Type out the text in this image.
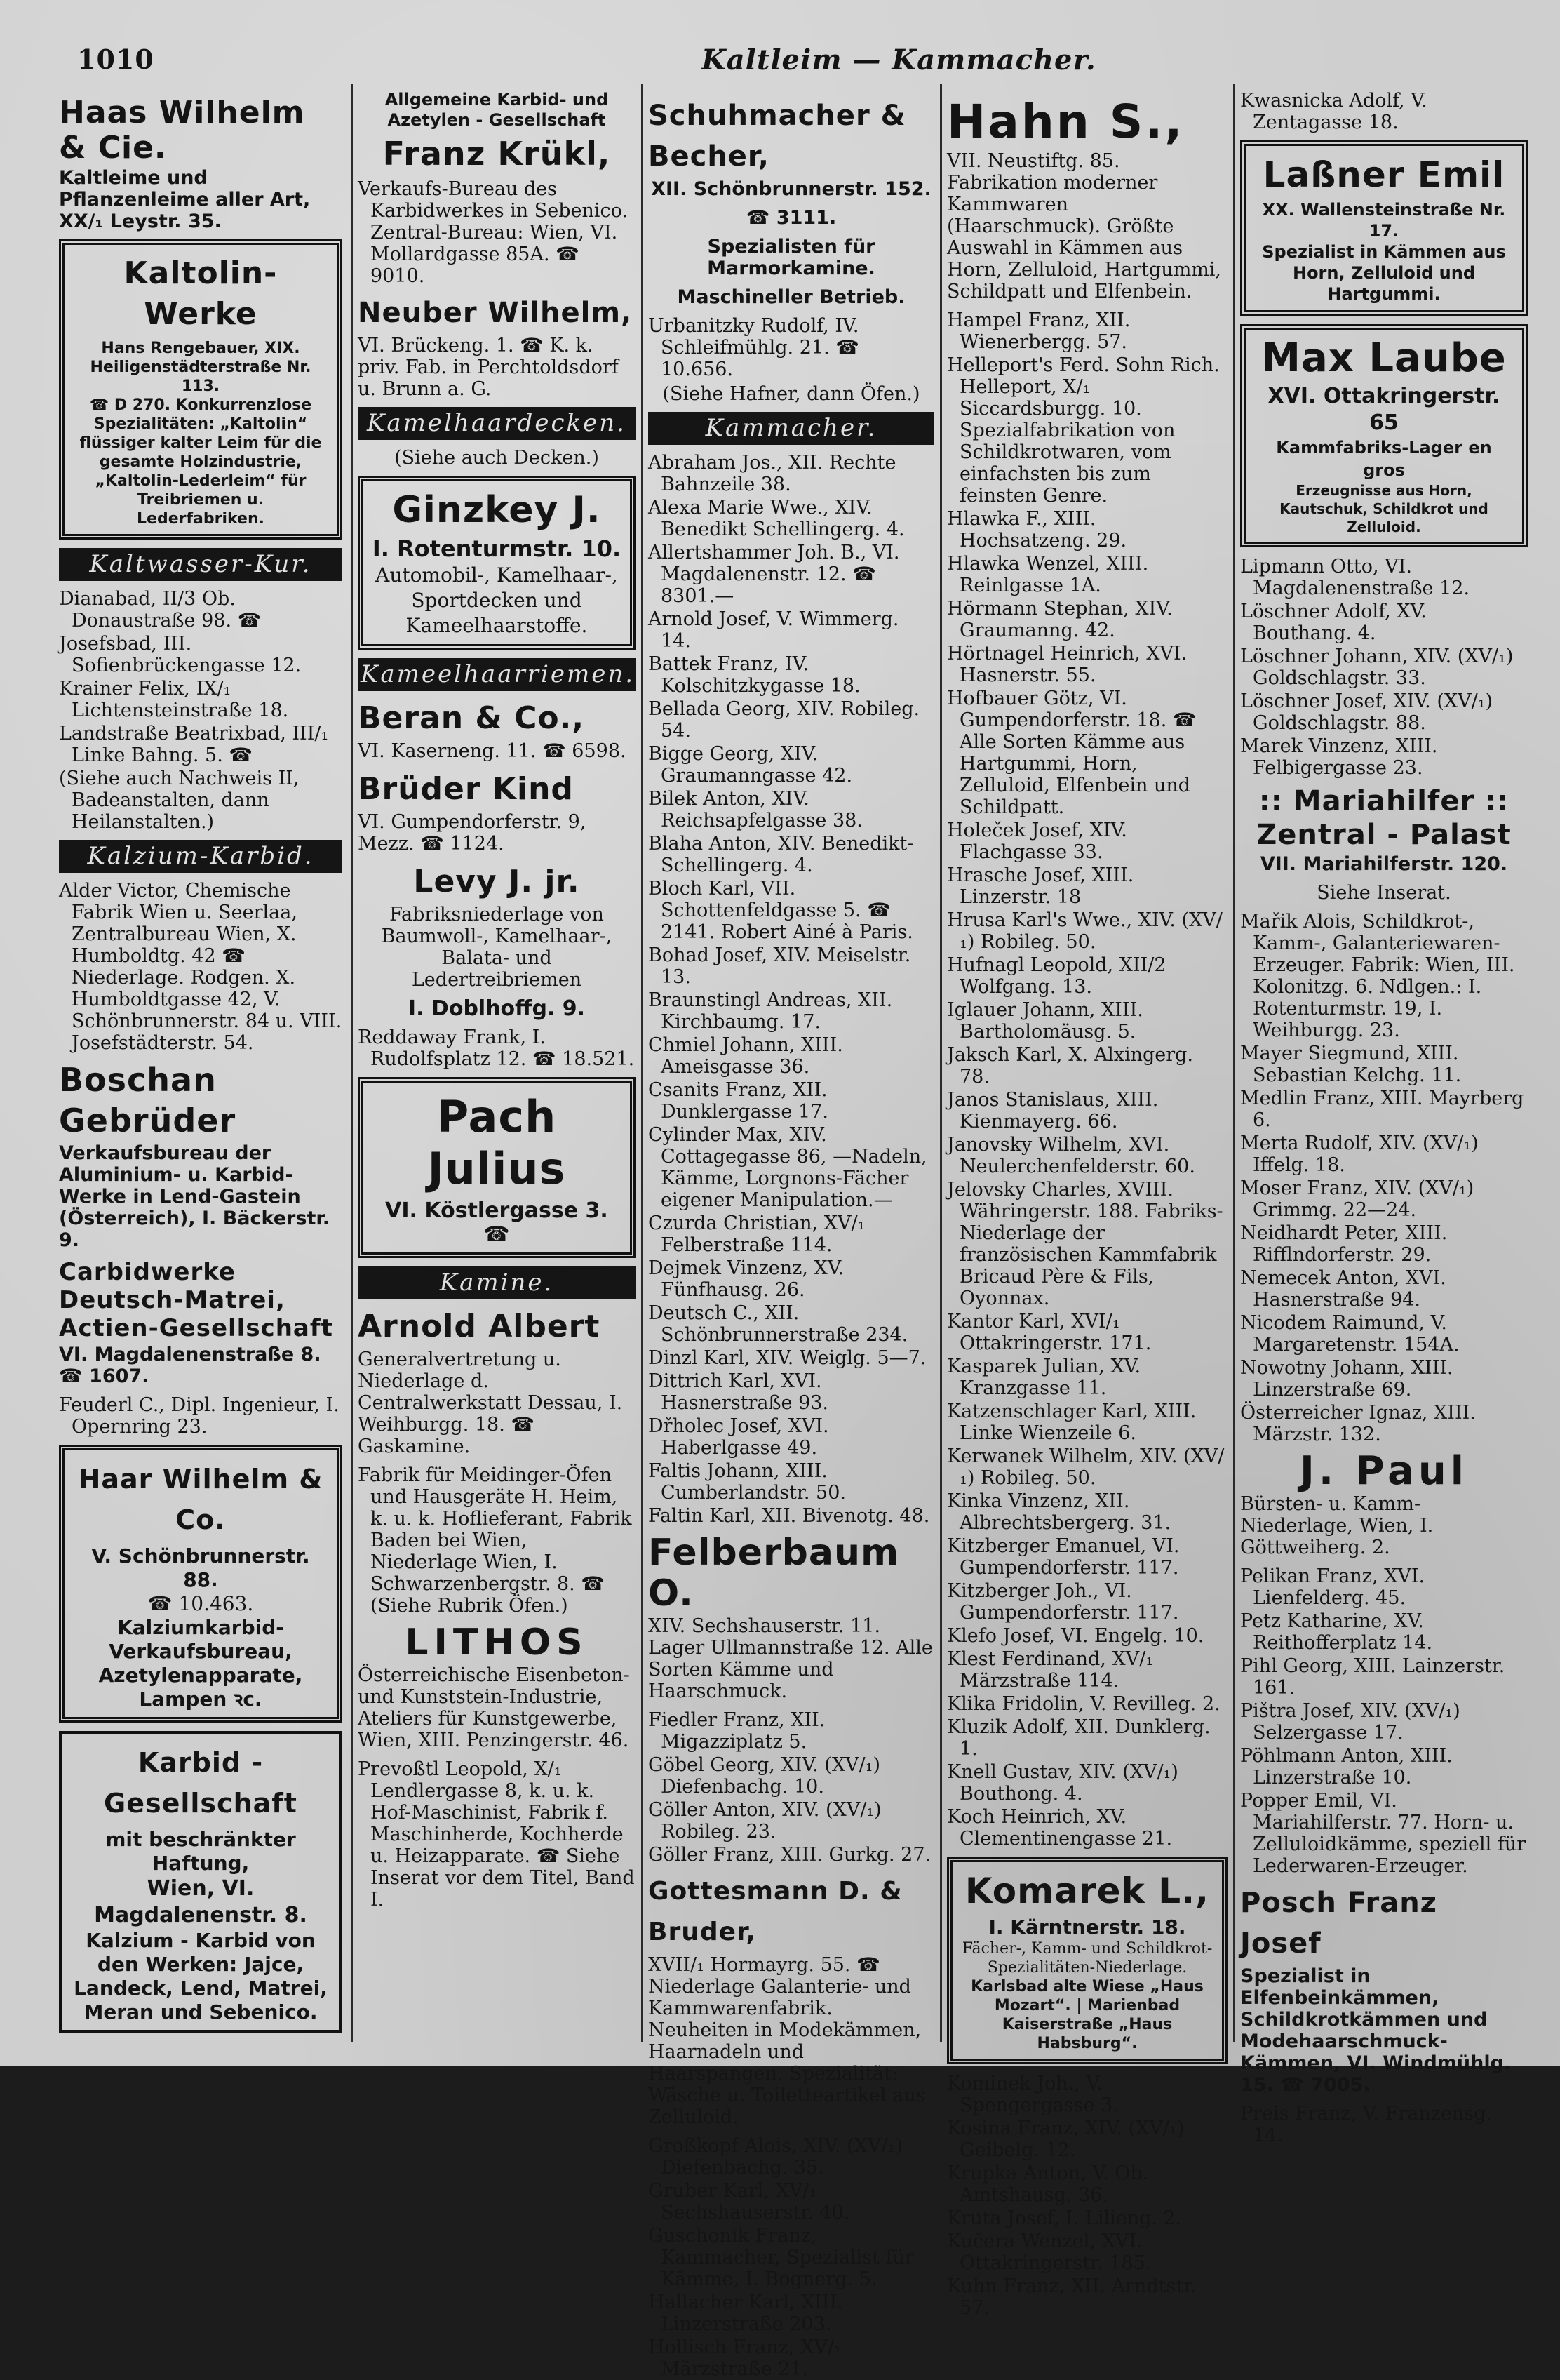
1010	Kaltleim — Kammacher.
Haas Wilhelm & Cie.
Kaltleime und Pflanzenleime aller Art, XX/₁ Leystr. 35.
Kaltolin-Werke
Hans Rengebauer, XIX. Heiligenstädterstraße Nr. 113.
☎ D 270. Konkurrenzlose Spezialitäten: „Kaltolin“
flüssiger kalter Leim für die gesamte Holzindustrie, „Kaltolin-Lederleim“ für
Treibriemen u. Lederfabriken.
Kaltwasser-Kur.
Dianabad, II/3 Ob. Donaustraße 98. ☎
Josefsbad, III. Sofienbrückengasse 12.
Krainer Felix, IX/₁ Lichtensteinstraße 18.
Landstraße Beatrixbad, III/₁ Linke Bahng. 5. ☎
(Siehe auch Nachweis II, Badeanstalten, dann Heilanstalten.)
Kalzium-Karbid.
Alder Victor, Chemische Fabrik Wien u. Seerlaa, Zentralbureau Wien, X. Humboldtg. 42 ☎ Niederlage. Rodgen. X. Humboldtgasse 42, V. Schönbrunnerstr. 84 u. VIII. Josefstädterstr. 54.
Boschan Gebrüder
Verkaufsbureau der Aluminium- u. Karbid-Werke in Lend-Gastein (Österreich), I. Bäckerstr. 9.
Carbidwerke Deutsch-Matrei, Actien-Gesellschaft
VI. Magdalenenstraße 8. ☎ 1607.
Feuderl C., Dipl. Ingenieur, I. Opernring 23.
Haar Wilhelm & Co.
V. Schönbrunnerstr. 88.
☎ 10.463.
Kalziumkarbid-Verkaufsbureau, Azetylenapparate, Lampen ꝛc.
Karbid - Gesellschaft
mit beschränkter Haftung,
Wien, VI. Magdalenenstr. 8.
Kalzium - Karbid von den Werken: Jajce, Landeck, Lend, Matrei, Meran und Sebenico.
Allgemeine Karbid- und Azetylen - Gesellschaft
Franz Krükl,
Verkaufs-Bureau des Karbidwerkes in Sebenico. Zentral-Bureau: Wien, VI. Mollardgasse 85A. ☎ 9010.
Neuber Wilhelm,
VI. Brückeng. 1. ☎ K. k. priv. Fab. in Perchtoldsdorf u. Brunn a. G.
Kamelhaardecken.
(Siehe auch Decken.)
Ginzkey J.
I. Rotenturmstr. 10.
Automobil-, Kamelhaar-, Sportdecken und Kameelhaarstoffe.
Kameelhaarriemen.
Beran & Co.,
VI. Kaserneng. 11. ☎ 6598.
Brüder Kind
VI. Gumpendorferstr. 9, Mezz. ☎ 1124.
Levy J. jr.
Fabriksniederlage von Baumwoll-, Kamelhaar-, Balata- und Ledertreibriemen
I. Doblhoffg. 9.
Reddaway Frank, I. Rudolfsplatz 12. ☎ 18.521.
Pach Julius
VI. Köstlergasse 3. ☎
Kamine.
Arnold Albert
Generalvertretung u. Niederlage d. Centralwerkstatt Dessau, I. Weihburgg. 18. ☎ Gaskamine.
Fabrik für Meidinger-Öfen und Hausgeräte H. Heim, k. u. k. Hoflieferant, Fabrik Baden bei Wien, Niederlage Wien, I. Schwarzenbergstr. 8. ☎ (Siehe Rubrik Öfen.)
LITHOS
Österreichische Eisenbeton- und Kunststein-Industrie, Ateliers für Kunstgewerbe, Wien, XIII. Penzingerstr. 46.
Prevoßtl Leopold, X/₁ Lendlergasse 8, k. u. k. Hof-Maschinist, Fabrik f. Maschinherde, Kochherde u. Heizapparate. ☎ Siehe Inserat vor dem Titel, Band I.
Schuhmacher & Becher,
XII. Schönbrunnerstr. 152.
☎ 3111.
Spezialisten für Marmorkamine.
Maschineller Betrieb.
Urbanitzky Rudolf, IV. Schleifmühlg. 21. ☎ 10.656.
(Siehe Hafner, dann Öfen.)
Kammacher.
Abraham Jos., XII. Rechte Bahnzeile 38.
Alexa Marie Wwe., XIV. Benedikt Schellingerg. 4.
Allertshammer Joh. B., VI. Magdalenenstr. 12. ☎ 8301.—
Arnold Josef, V. Wimmerg. 14.
Battek Franz, IV. Kolschitzkygasse 18.
Bellada Georg, XIV. Robileg. 54.
Bigge Georg, XIV. Graumanngasse 42.
Bilek Anton, XIV. Reichsapfelgasse 38.
Blaha Anton, XIV. Benedikt-Schellingerg. 4.
Bloch Karl, VII. Schottenfeldgasse 5. ☎ 2141. Robert Ainé à Paris.
Bohad Josef, XIV. Meiselstr. 13.
Braunstingl Andreas, XII. Kirchbaumg. 17.
Chmiel Johann, XIII. Ameisgasse 36.
Csanits Franz, XII. Dunklergasse 17.
Cylinder Max, XIV. Cottagegasse 86, —Nadeln, Kämme, Lorgnons-Fächer eigener Manipulation.—
Czurda Christian, XV/₁ Felberstraße 114.
Dejmek Vinzenz, XV. Fünfhausg. 26.
Deutsch C., XII. Schönbrunnerstraße 234.
Dinzl Karl, XIV. Weiglg. 5—7.
Dittrich Karl, XVI. Hasnerstraße 93.
Dřholec Josef, XVI. Haberlgasse 49.
Faltis Johann, XIII. Cumberlandstr. 50.
Faltin Karl, XII. Bivenotg. 48.
Felberbaum O.
XIV. Sechshauserstr. 11. Lager Ullmannstraße 12. Alle Sorten Kämme und Haarschmuck.
Fiedler Franz, XII. Migazziplatz 5.
Göbel Georg, XIV. (XV/₁) Diefenbachg. 10.
Göller Anton, XIV. (XV/₁) Robileg. 23.
Göller Franz, XIII. Gurkg. 27.
Gottesmann D. & Bruder,
XVII/₁ Hormayrg. 55. ☎ Niederlage Galanterie- und Kammwarenfabrik. Neuheiten in Modekämmen, Haarnadeln und Haarspangen. Spezialität: Wäsche u. Toiletteartikel aus Zelluloid.
Großkopf Alois, XIV. (XV/₁) Diefenbachg. 35.
Gruber Karl, XV/₁ Sechshauserstr. 40.
Guschonik Franz, Kammacher, Spezialist für Kämme, I. Bognerg. 5.
Hallacher Karl, XIII. Linzerstraße 203.
Hollisch Franz, XV/₁ Märzstraße 21.
Hahn S.,
VII. Neustiftg. 85. Fabrikation moderner Kammwaren (Haarschmuck). Größte Auswahl in Kämmen aus Horn, Zelluloid, Hartgummi, Schildpatt und Elfenbein.
Hampel Franz, XII. Wienerbergg. 57.
Helleport's Ferd. Sohn Rich. Helleport, X/₁ Siccardsburgg. 10. Spezialfabrikation von Schildkrotwaren, vom einfachsten bis zum feinsten Genre.
Hlawka F., XIII. Hochsatzeng. 29.
Hlawka Wenzel, XIII. Reinlgasse 1A.
Hörmann Stephan, XIV. Graumanng. 42.
Hörtnagel Heinrich, XVI. Hasnerstr. 55.
Hofbauer Götz, VI. Gumpendorferstr. 18. ☎ Alle Sorten Kämme aus Hartgummi, Horn, Zelluloid, Elfenbein und Schildpatt.
Holeček Josef, XIV. Flachgasse 33.
Hrasche Josef, XIII. Linzerstr. 18
Hrusa Karl's Wwe., XIV. (XV/₁) Robileg. 50.
Hufnagl Leopold, XII/2 Wolfgang. 13.
Iglauer Johann, XIII. Bartholomäusg. 5.
Jaksch Karl, X. Alxingerg. 78.
Janos Stanislaus, XIII. Kienmayerg. 66.
Janovsky Wilhelm, XVI. Neulerchenfelderstr. 60.
Jelovsky Charles, XVIII. Währingerstr. 188. Fabriks-Niederlage der französischen Kammfabrik Bricaud Père & Fils, Oyonnax.
Kantor Karl, XVI/₁ Ottakringerstr. 171.
Kasparek Julian, XV. Kranzgasse 11.
Katzenschlager Karl, XIII. Linke Wienzeile 6.
Kerwanek Wilhelm, XIV. (XV/₁) Robileg. 50.
Kinka Vinzenz, XII. Albrechtsbergerg. 31.
Kitzberger Emanuel, VI. Gumpendorferstr. 117.
Kitzberger Joh., VI. Gumpendorferstr. 117.
Klefo Josef, VI. Engelg. 10.
Klest Ferdinand, XV/₁ Märzstraße 114.
Klika Fridolin, V. Revilleg. 2.
Kluzik Adolf, XII. Dunklerg. 1.
Knell Gustav, XIV. (XV/₁) Bouthong. 4.
Koch Heinrich, XV. Clementinengasse 21.
Komarek L.,
I. Kärntnerstr. 18.
Fächer-, Kamm- und Schildkrot-Spezialitäten-Niederlage.
Karlsbad alte Wiese „Haus Mozart“. | Marienbad Kaiserstraße „Haus Habsburg“.
Kominek Joh., V. Spengergasse 3.
Kosina Franz, XIV. (XV/₁) Geibelg. 12.
Krupka Anton, V. Ob. Amtshausg. 36.
Kruta Josef, I. Lilieng. 2.
Kučera Wenzel, XVI. Ottakringerstr. 185.
Kuhn Franz, XII. Arndtstr. 57.
Kwasnicka Adolf, V. Zentagasse 18.
Laßner Emil
XX. Wallensteinstraße Nr. 17.
Spezialist in Kämmen aus Horn, Zelluloid und Hartgummi.
Max Laube
XVI. Ottakringerstr. 65
Kammfabriks-Lager en gros
Erzeugnisse aus Horn, Kautschuk, Schildkrot und Zelluloid.
Lipmann Otto, VI. Magdalenenstraße 12.
Löschner Adolf, XV. Bouthang. 4.
Löschner Johann, XIV. (XV/₁) Goldschlagstr. 33.
Löschner Josef, XIV. (XV/₁) Goldschlagstr. 88.
Marek Vinzenz, XIII. Felbigergasse 23.
:: Mariahilfer :: Zentral - Palast
VII. Mariahilferstr. 120.
Siehe Inserat.
Mařik Alois, Schildkrot-, Kamm-, Galanteriewaren-Erzeuger. Fabrik: Wien, III. Kolonitzg. 6. Ndlgen.: I. Rotenturmstr. 19, I. Weihburgg. 23.
Mayer Siegmund, XIII. Sebastian Kelchg. 11.
Medlin Franz, XIII. Mayrberg 6.
Merta Rudolf, XIV. (XV/₁) Iffelg. 18.
Moser Franz, XIV. (XV/₁) Grimmg. 22—24.
Neidhardt Peter, XIII. Rifflndorferstr. 29.
Nemecek Anton, XVI. Hasnerstraße 94.
Nicodem Raimund, V. Margaretenstr. 154A.
Nowotny Johann, XIII. Linzerstraße 69.
Österreicher Ignaz, XIII. Märzstr. 132.
J. Paul
Bürsten- u. Kamm-Niederlage, Wien, I. Göttweiherg. 2.
Pelikan Franz, XVI. Lienfelderg. 45.
Petz Katharine, XV. Reithofferplatz 14.
Pihl Georg, XIII. Lainzerstr. 161.
Pištra Josef, XIV. (XV/₁) Selzergasse 17.
Pöhlmann Anton, XIII. Linzerstraße 10.
Popper Emil, VI. Mariahilferstr. 77. Horn- u. Zelluloidkämme, speziell für Lederwaren-Erzeuger.
Posch Franz Josef
Spezialist in Elfenbeinkämmen, Schildkrotkämmen und Modehaarschmuck-Kämmen, VI. Windmühlg. 15. ☎ 7005.
Preis Franz, V. Franzensg. 14.
